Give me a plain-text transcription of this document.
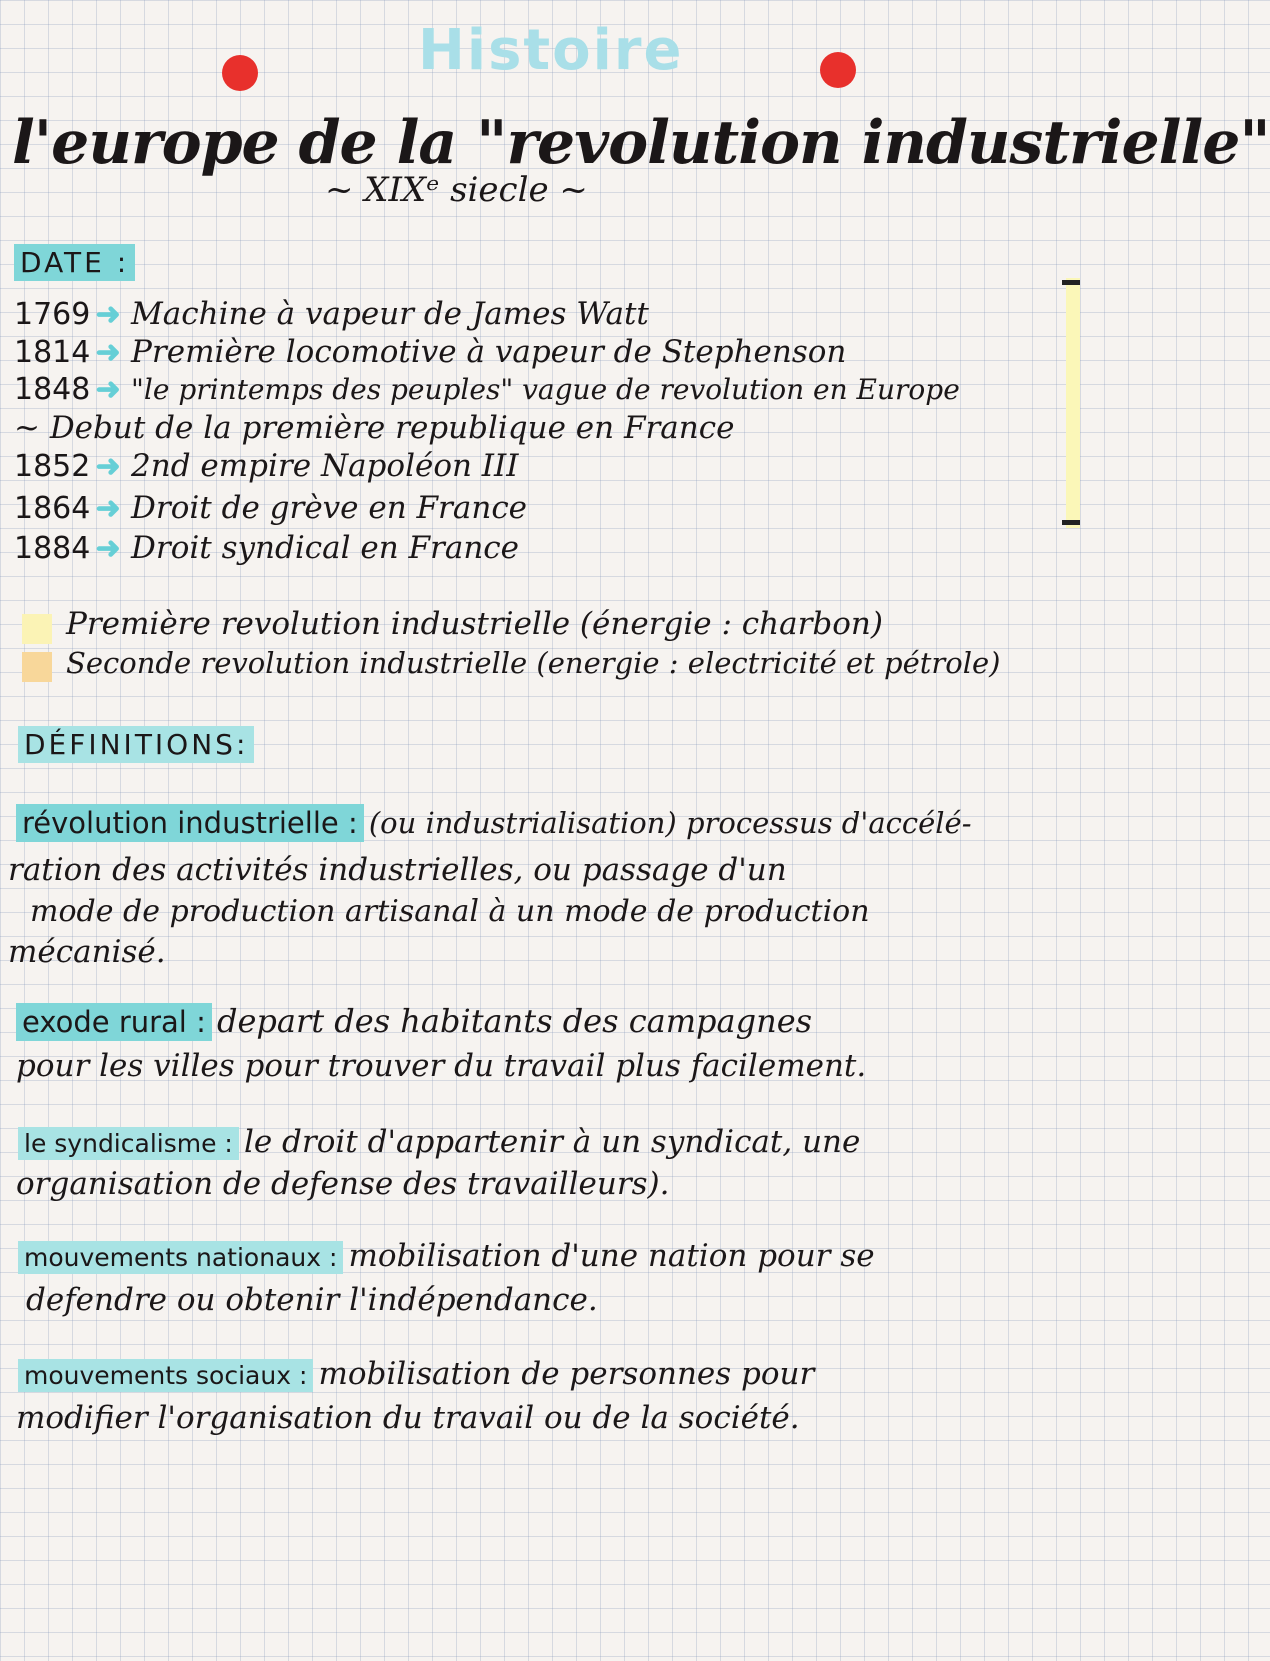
Histoire
l'europe de la "revolution industrielle"
~ XIXᵉ siecle ~
DATE :
1769 ➜ Machine à vapeur de James Watt
1814 ➜ Première locomotive à vapeur de Stephenson
1848 ➜ "le printemps des peuples" vague de revolution en Europe
~ Debut de la première republique en France
1852 ➜ 2nd empire Napoléon III
1864 ➜ Droit de grève en France
1884 ➜ Droit syndical en France
Première revolution industrielle (énergie : charbon)
Seconde revolution industrielle (energie : electricité et pétrole)
DÉFINITIONS:
révolution industrielle : (ou industrialisation) processus d'accélé-
ration des activités industrielles, ou passage d'un
mode de production artisanal à un mode de production
mécanisé.
exode rural : depart des habitants des campagnes
pour les villes pour trouver du travail plus facilement.
le syndicalisme : le droit d'appartenir à un syndicat, une
organisation de defense des travailleurs).
mouvements nationaux : mobilisation d'une nation pour se
defendre ou obtenir l'indépendance.
mouvements sociaux : mobilisation de personnes pour
modifier l'organisation du travail ou de la société.
